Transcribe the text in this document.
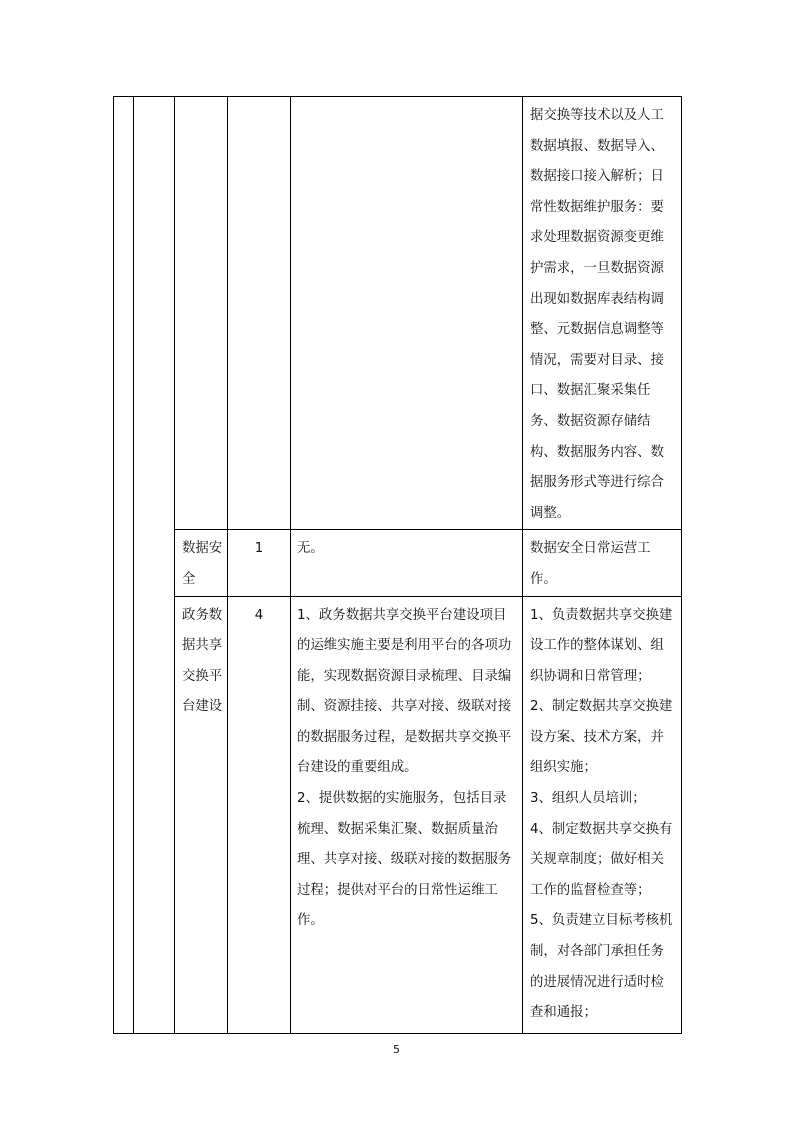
					据交换等技术以及人工数据填报、数据导入、数据接口接入解析；日常性数据维护服务：要求处理数据资源变更维护需求，一旦数据资源出现如数据库表结构调整、元数据信息调整等情况，需要对目录、接口、数据汇聚采集任务、数据资源存储结构、数据服务内容、数据服务形式等进行综合调整。

		数据安全	1	无。	数据安全日常运营工作。

		政务数据共享交换平台建设	4	1、政务数据共享交换平台建设项目的运维实施主要是利用平台的各项功能，实现数据资源目录梳理、目录编制、资源挂接、共享对接、级联对接的数据服务过程，是数据共享交换平台建设的重要组成。
2、提供数据的实施服务，包括目录梳理、数据采集汇聚、数据质量治理、共享对接、级联对接的数据服务过程；提供对平台的日常性运维工作。	1、负责数据共享交换建设工作的整体谋划、组织协调和日常管理；
2、制定数据共享交换建设方案、技术方案，并组织实施；
3、组织人员培训；
4、制定数据共享交换有关规章制度；做好相关工作的监督检查等；
5、负责建立目标考核机制，对各部门承担任务的进展情况进行适时检查和通报；
5
